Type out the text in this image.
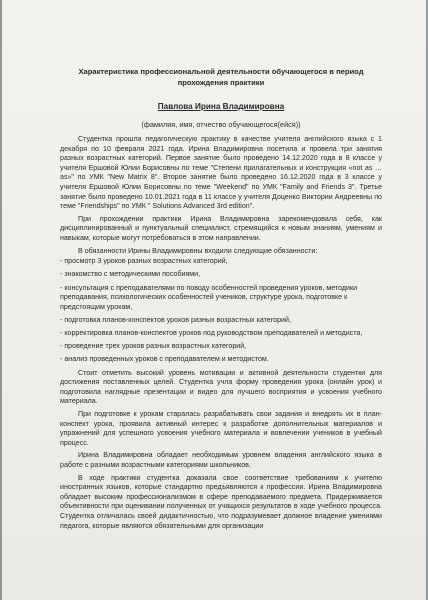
Характеристика профессиональной деятельности обучающегося в период прохождения практики
Павлова Ирина Владимировна
(фамилия, имя, отчество обучающегося(ейся))

Студентка прошла педагогическую практику в качестве учителя английского языка с 1 декабря по 10 февраля 2021 года. Ирина Владимировна посетила и провела три занятия разных возрастных категорий. Первое занятие было проведено 14.12.2020 года в 8 классе у учителя Ершовой Юлии Борисовны по теме "Степени прилагательных и конструкция «not as …as»" по УМК "New Matrix 8". Второе занятие было проведено 16.12.2020 года в 3 классе у учителя Ершовой Юлии Борисовны по теме "Weekend" по УМК "Family and Friends 3". Третье занятие было проведено 10.01.2021 года в 11 классе у учителя Доценко Виктории Андреевны по теме "Friendships" по УМК " Solutions Advanced 3rd edition".

При прохождении практики Ирина Владимировна зарекомендовала себя, как дисциплинированный и пунктуальный специалист, стремящийся к новым знаниям, умениям и навыкам, которые могут потребоваться в этом направлении.

В обязанности Ирины Владимировны входили следующие обязанности:

- просмотр 3 уроков разных возрастных категорий,
- знакомство с методическими пособиями,
- консультация с преподавателями по поводу особенностей проведения уроков, методики преподавания, психологических особенностей учеников, структуре урока, подготовке к предстоящим урокам,
- подготовка планов-конспектов уроков разных возрастных категорий,
- корректировка планов-конспектов уроков под руководством преподавателей и методиста,
- проведение трех уроков разных возрастных категорий,
- анализ проведенных уроков с преподавателем и методистом.

Стоит отметить высокий уровень мотивации и активной деятельности студентки для достижения поставленных целей. Студентка учла форму проведения урока (онлайн урок) и подготовила наглядные презентации и видео для лучшего восприятия и усвоения учебного материала.

При подготовке к урокам старалась разрабатывать свои задания и внедрять их в план-конспект урока, проявила активный интерес к разработке дополнительных материалов и упражнений для успешного усвоения учебного материала и вовлечении учеников в учебный процесс.

Ирина Владимировна обладает необходимым уровнем владения английского языка в работе с разными возрастными категориями школьников.

В ходе практики студентка доказала свое соответствие требованиям к учителю иностранных языков, которые стандартно предъявляются к профессии. Ирина Владимировна обладает высоким профессионализмом в сфере преподаваемого предмета. Придерживается объективности при оценивании полученных от учащихся результатов в ходе учебного процесса. Студентка отличалась своей дидактичностью, что подразумевает должное владение умениями педагога, которые являются обязательными для организации
